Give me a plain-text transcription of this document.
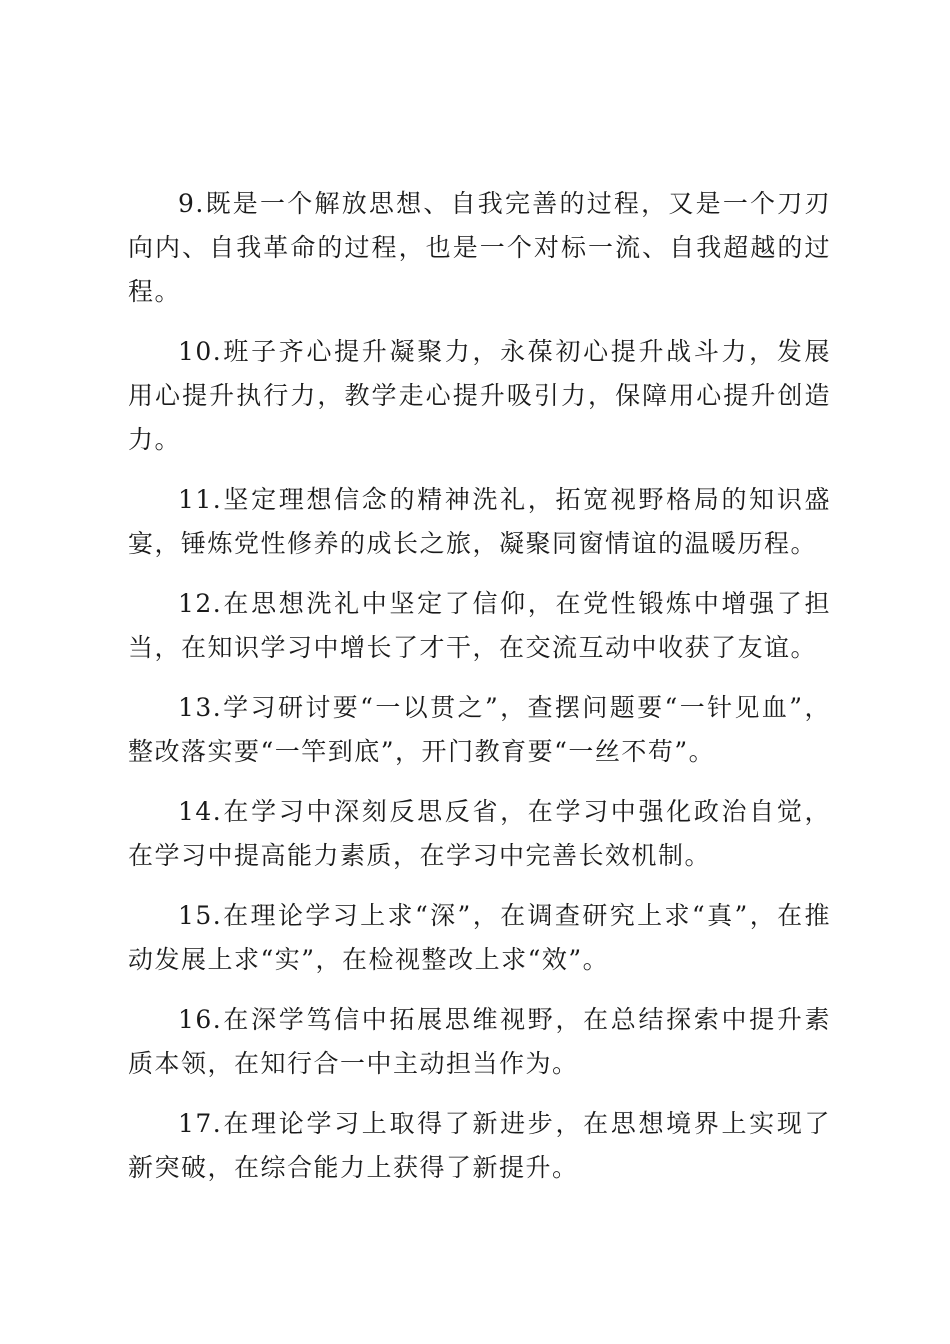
9.既是一个解放思想、自我完善的过程，又是一个刀刃向内、自我革命的过程，也是一个对标一流、自我超越的过程。

10.班子齐心提升凝聚力，永葆初心提升战斗力，发展用心提升执行力，教学走心提升吸引力，保障用心提升创造力。

11.坚定理想信念的精神洗礼，拓宽视野格局的知识盛宴，锤炼党性修养的成长之旅，凝聚同窗情谊的温暖历程。

12.在思想洗礼中坚定了信仰，在党性锻炼中增强了担当，在知识学习中增长了才干，在交流互动中收获了友谊。

13.学习研讨要“一以贯之”，查摆问题要“一针见血”，整改落实要“一竿到底”，开门教育要“一丝不苟”。

14.在学习中深刻反思反省，在学习中强化政治自觉，在学习中提高能力素质，在学习中完善长效机制。

15.在理论学习上求“深”，在调查研究上求“真”，在推动发展上求“实”，在检视整改上求“效”。

16.在深学笃信中拓展思维视野，在总结探索中提升素质本领，在知行合一中主动担当作为。

17.在理论学习上取得了新进步，在思想境界上实现了新突破，在综合能力上获得了新提升。
